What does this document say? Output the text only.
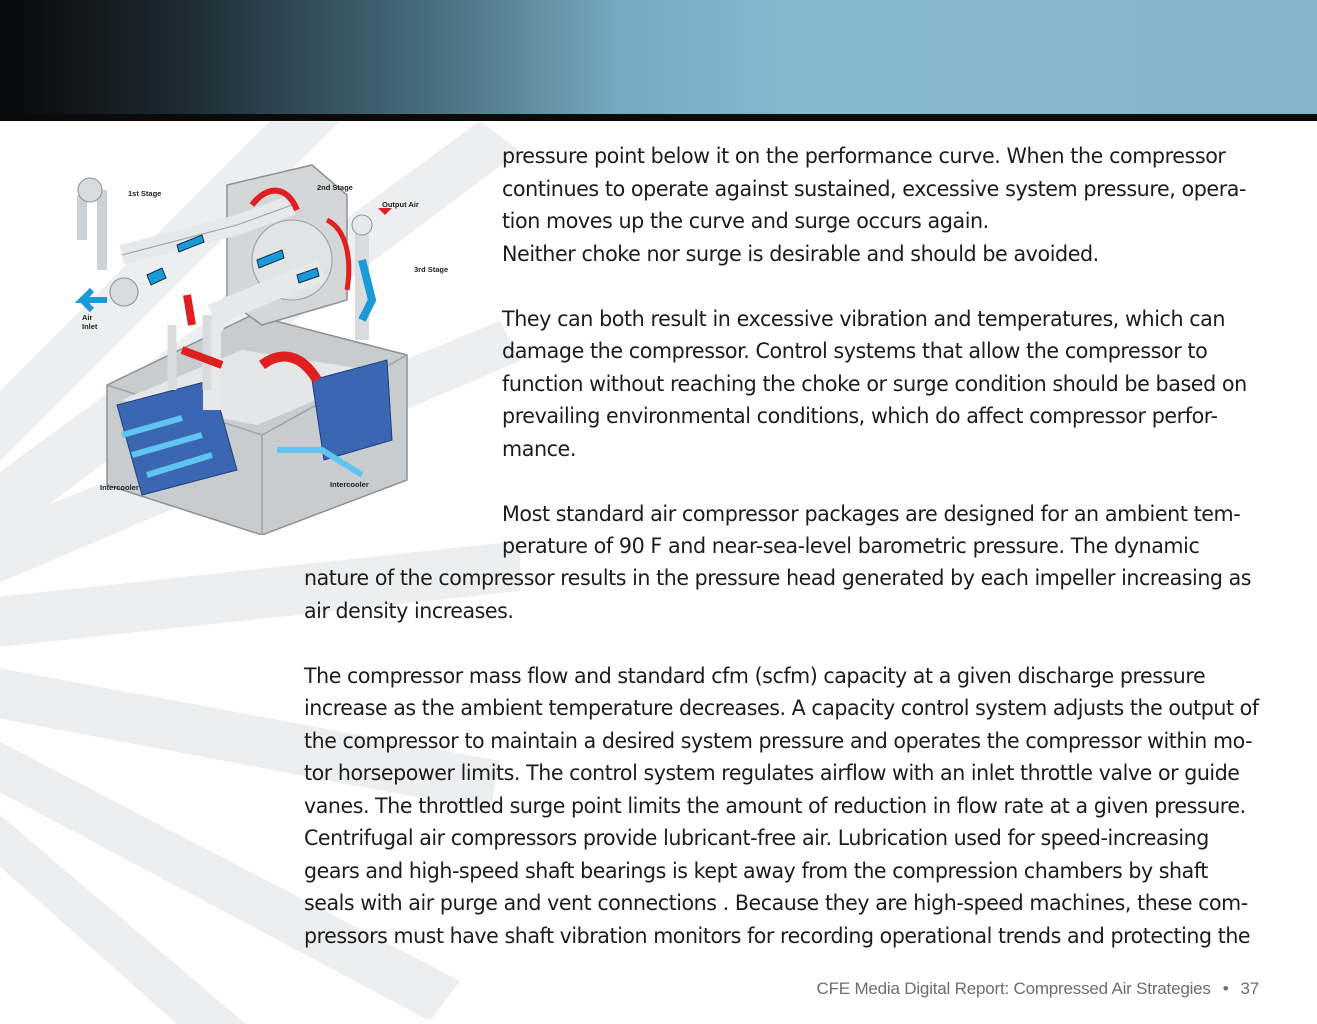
1st Stage
2nd Stage
Output Air
3rd Stage
Air
Inlet
Intercooler	Intercooler
pressure point below it on the performance curve. When the compressor
continues to operate against sustained, excessive system pressure, opera-
tion moves up the curve and surge occurs again.
Neither choke nor surge is desirable and should be avoided.
They can both result in excessive vibration and temperatures, which can
damage the compressor. Control systems that allow the compressor to
function without reaching the choke or surge condition should be based on
prevailing environmental conditions, which do affect compressor perfor-
mance.
Most standard air compressor packages are designed for an ambient tem-
perature of 90 F and near-sea-level barometric pressure. The dynamic
nature of the compressor results in the pressure head generated by each impeller increasing as
air density increases.
The compressor mass flow and standard cfm (scfm) capacity at a given discharge pressure
increase as the ambient temperature decreases. A capacity control system adjusts the output of
the compressor to maintain a desired system pressure and operates the compressor within mo-
tor horsepower limits. The control system regulates airflow with an inlet throttle valve or guide
vanes. The throttled surge point limits the amount of reduction in flow rate at a given pressure.
Centrifugal air compressors provide lubricant-free air. Lubrication used for speed-increasing
gears and high-speed shaft bearings is kept away from the compression chambers by shaft
seals with air purge and vent connections . Because they are high-speed machines, these com-
pressors must have shaft vibration monitors for recording operational trends and protecting the
CFE Media Digital Report: Compressed Air Strategies • 37
